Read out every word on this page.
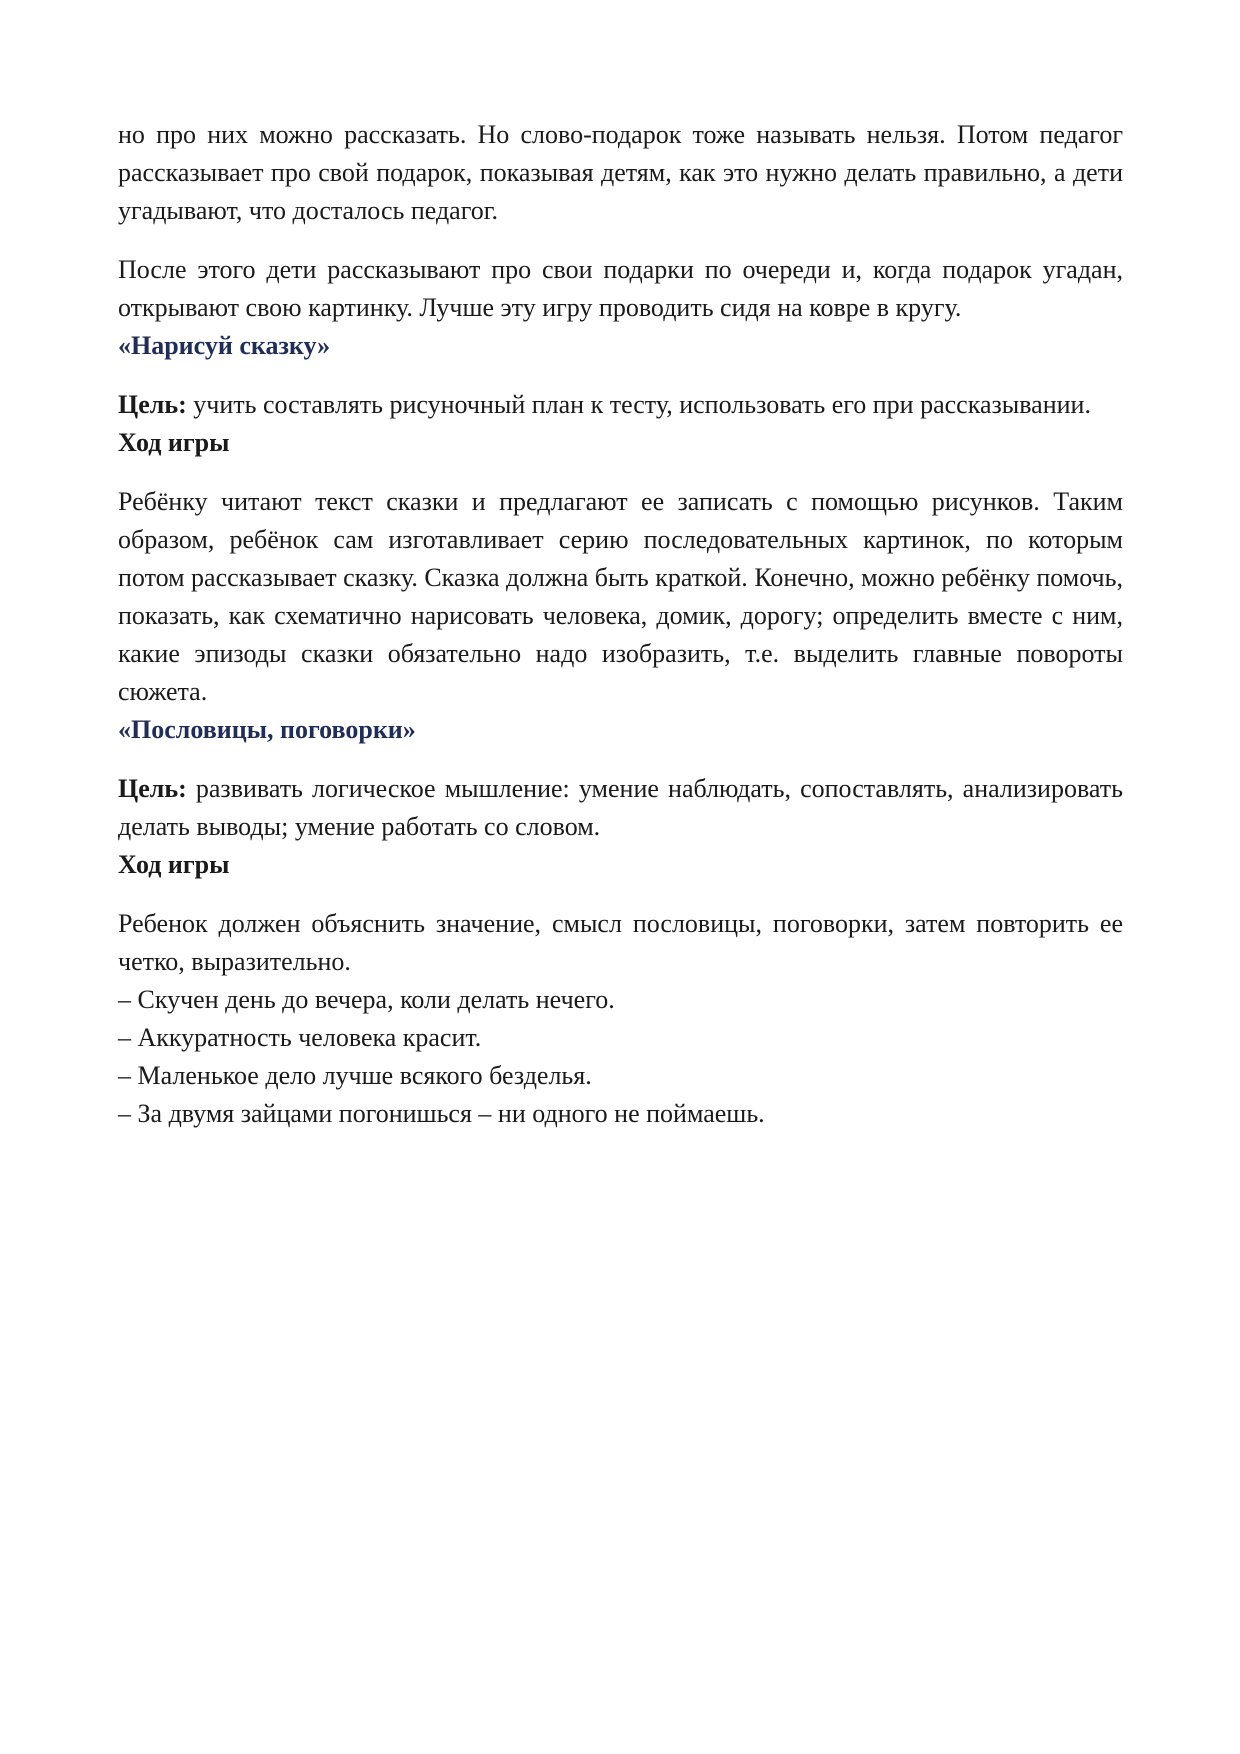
но про них можно рассказать. Но слово-подарок тоже называть нельзя. Потом педагог рассказывает про свой подарок, показывая детям, как это нужно делать правильно, а дети угадывают, что досталось педагог.

После этого дети рассказывают про свои подарки по очереди и, когда подарок угадан, открывают свою картинку. Лучше эту игру проводить сидя на ковре в кругу.

«Нарисуй сказку»

Цель: учить составлять рисуночный план к тесту, использовать его при рассказывании.

Ход игры

Ребёнку читают текст сказки и предлагают ее записать с помощью рисунков. Таким образом, ребёнок сам изготавливает серию последовательных картинок, по которым потом рассказывает сказку. Сказка должна быть краткой. Конечно, можно ребёнку помочь, показать, как схематично нарисовать человека, домик, дорогу; определить вместе с ним, какие эпизоды сказки обязательно надо изобразить, т.е. выделить главные повороты сюжета.

«Пословицы, поговорки»

Цель: развивать логическое мышление: умение наблюдать, сопоставлять, анализировать делать выводы; умение работать со словом.

Ход игры

Ребенок должен объяснить значение, смысл пословицы, поговорки, затем повторить ее четко, выразительно.

– Скучен день до вечера, коли делать нечего.
– Аккуратность человека красит.
– Маленькое дело лучше всякого безделья.
– За двумя зайцами погонишься – ни одного не поймаешь.
